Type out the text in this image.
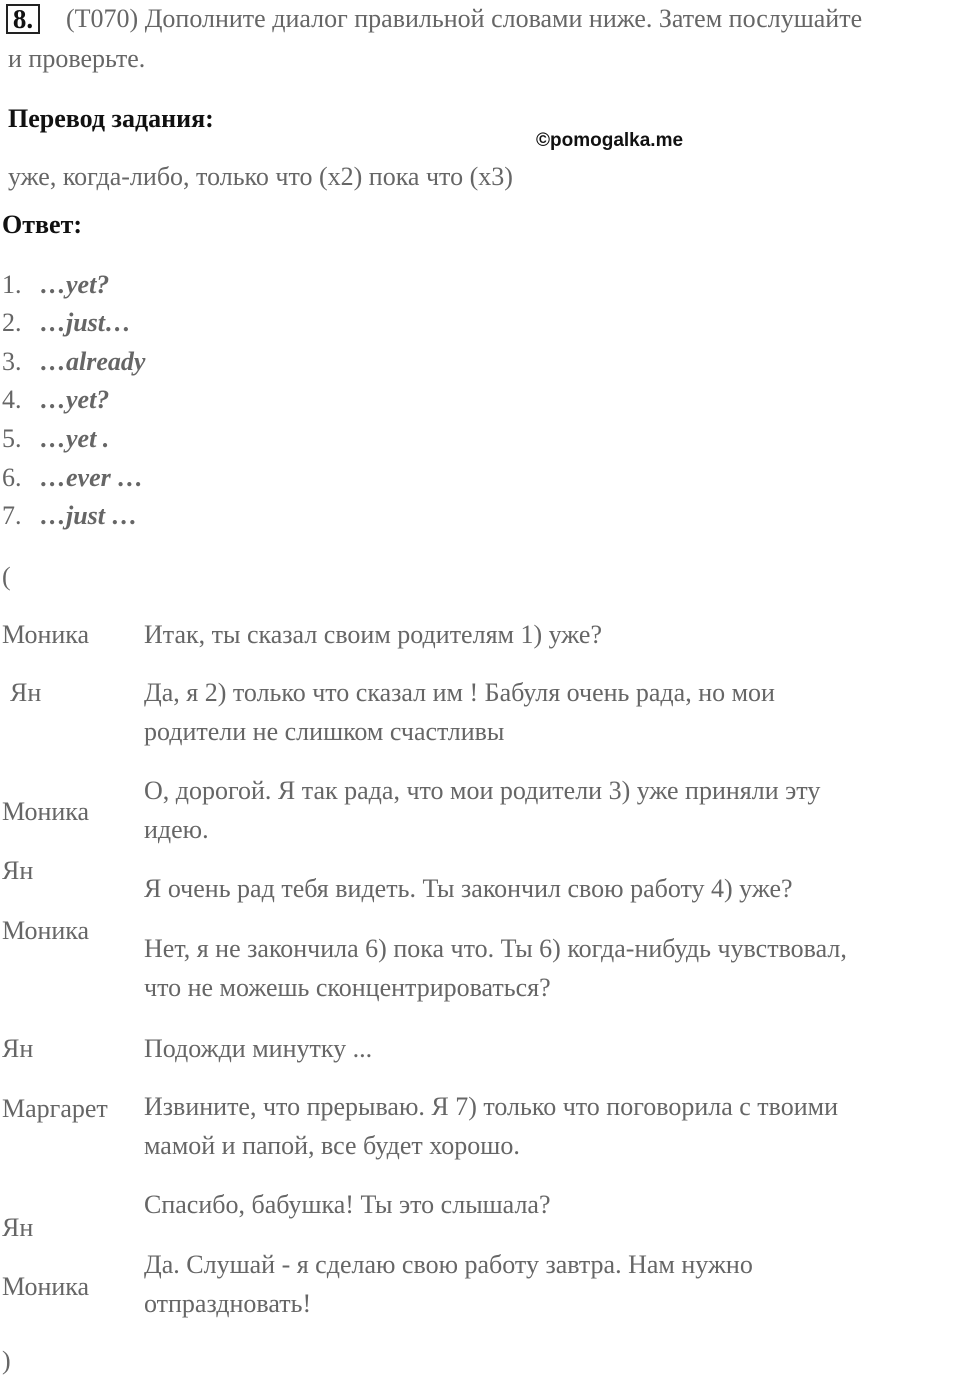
8. (T070) Дополните диалог правильной словами ниже. Затем послушайте
и проверьте.
Перевод задания:
©pomogalka.me
уже, когда-либо, только что (x2) пока что (x3)
Ответ:
1. …yet?
2. …just…
3. …already
4. …yet?
5. …yet .
6. …ever …
7. …just …
(
Моника
Ян
Моника
Ян
Моника
Ян
Маргарет
Ян
Моника
Итак, ты сказал своим родителям 1) уже?
Да, я 2) только что сказал им ! Бабуля очень рада, но мои
родители не слишком счастливы
О, дорогой. Я так рада, что мои родители 3) уже приняли эту
идею.
Я очень рад тебя видеть. Ты закончил свою работу 4) уже?
Нет, я не закончила 6) пока что. Ты 6) когда-нибудь чувствовал,
что не можешь сконцентрироваться?
Подожди минутку ...
Извините, что прерываю. Я 7) только что поговорила с твоими
мамой и папой, все будет хорошо.
Спасибо, бабушка! Ты это слышала?
Да. Слушай - я сделаю свою работу завтра. Нам нужно
отпраздновать!
)
